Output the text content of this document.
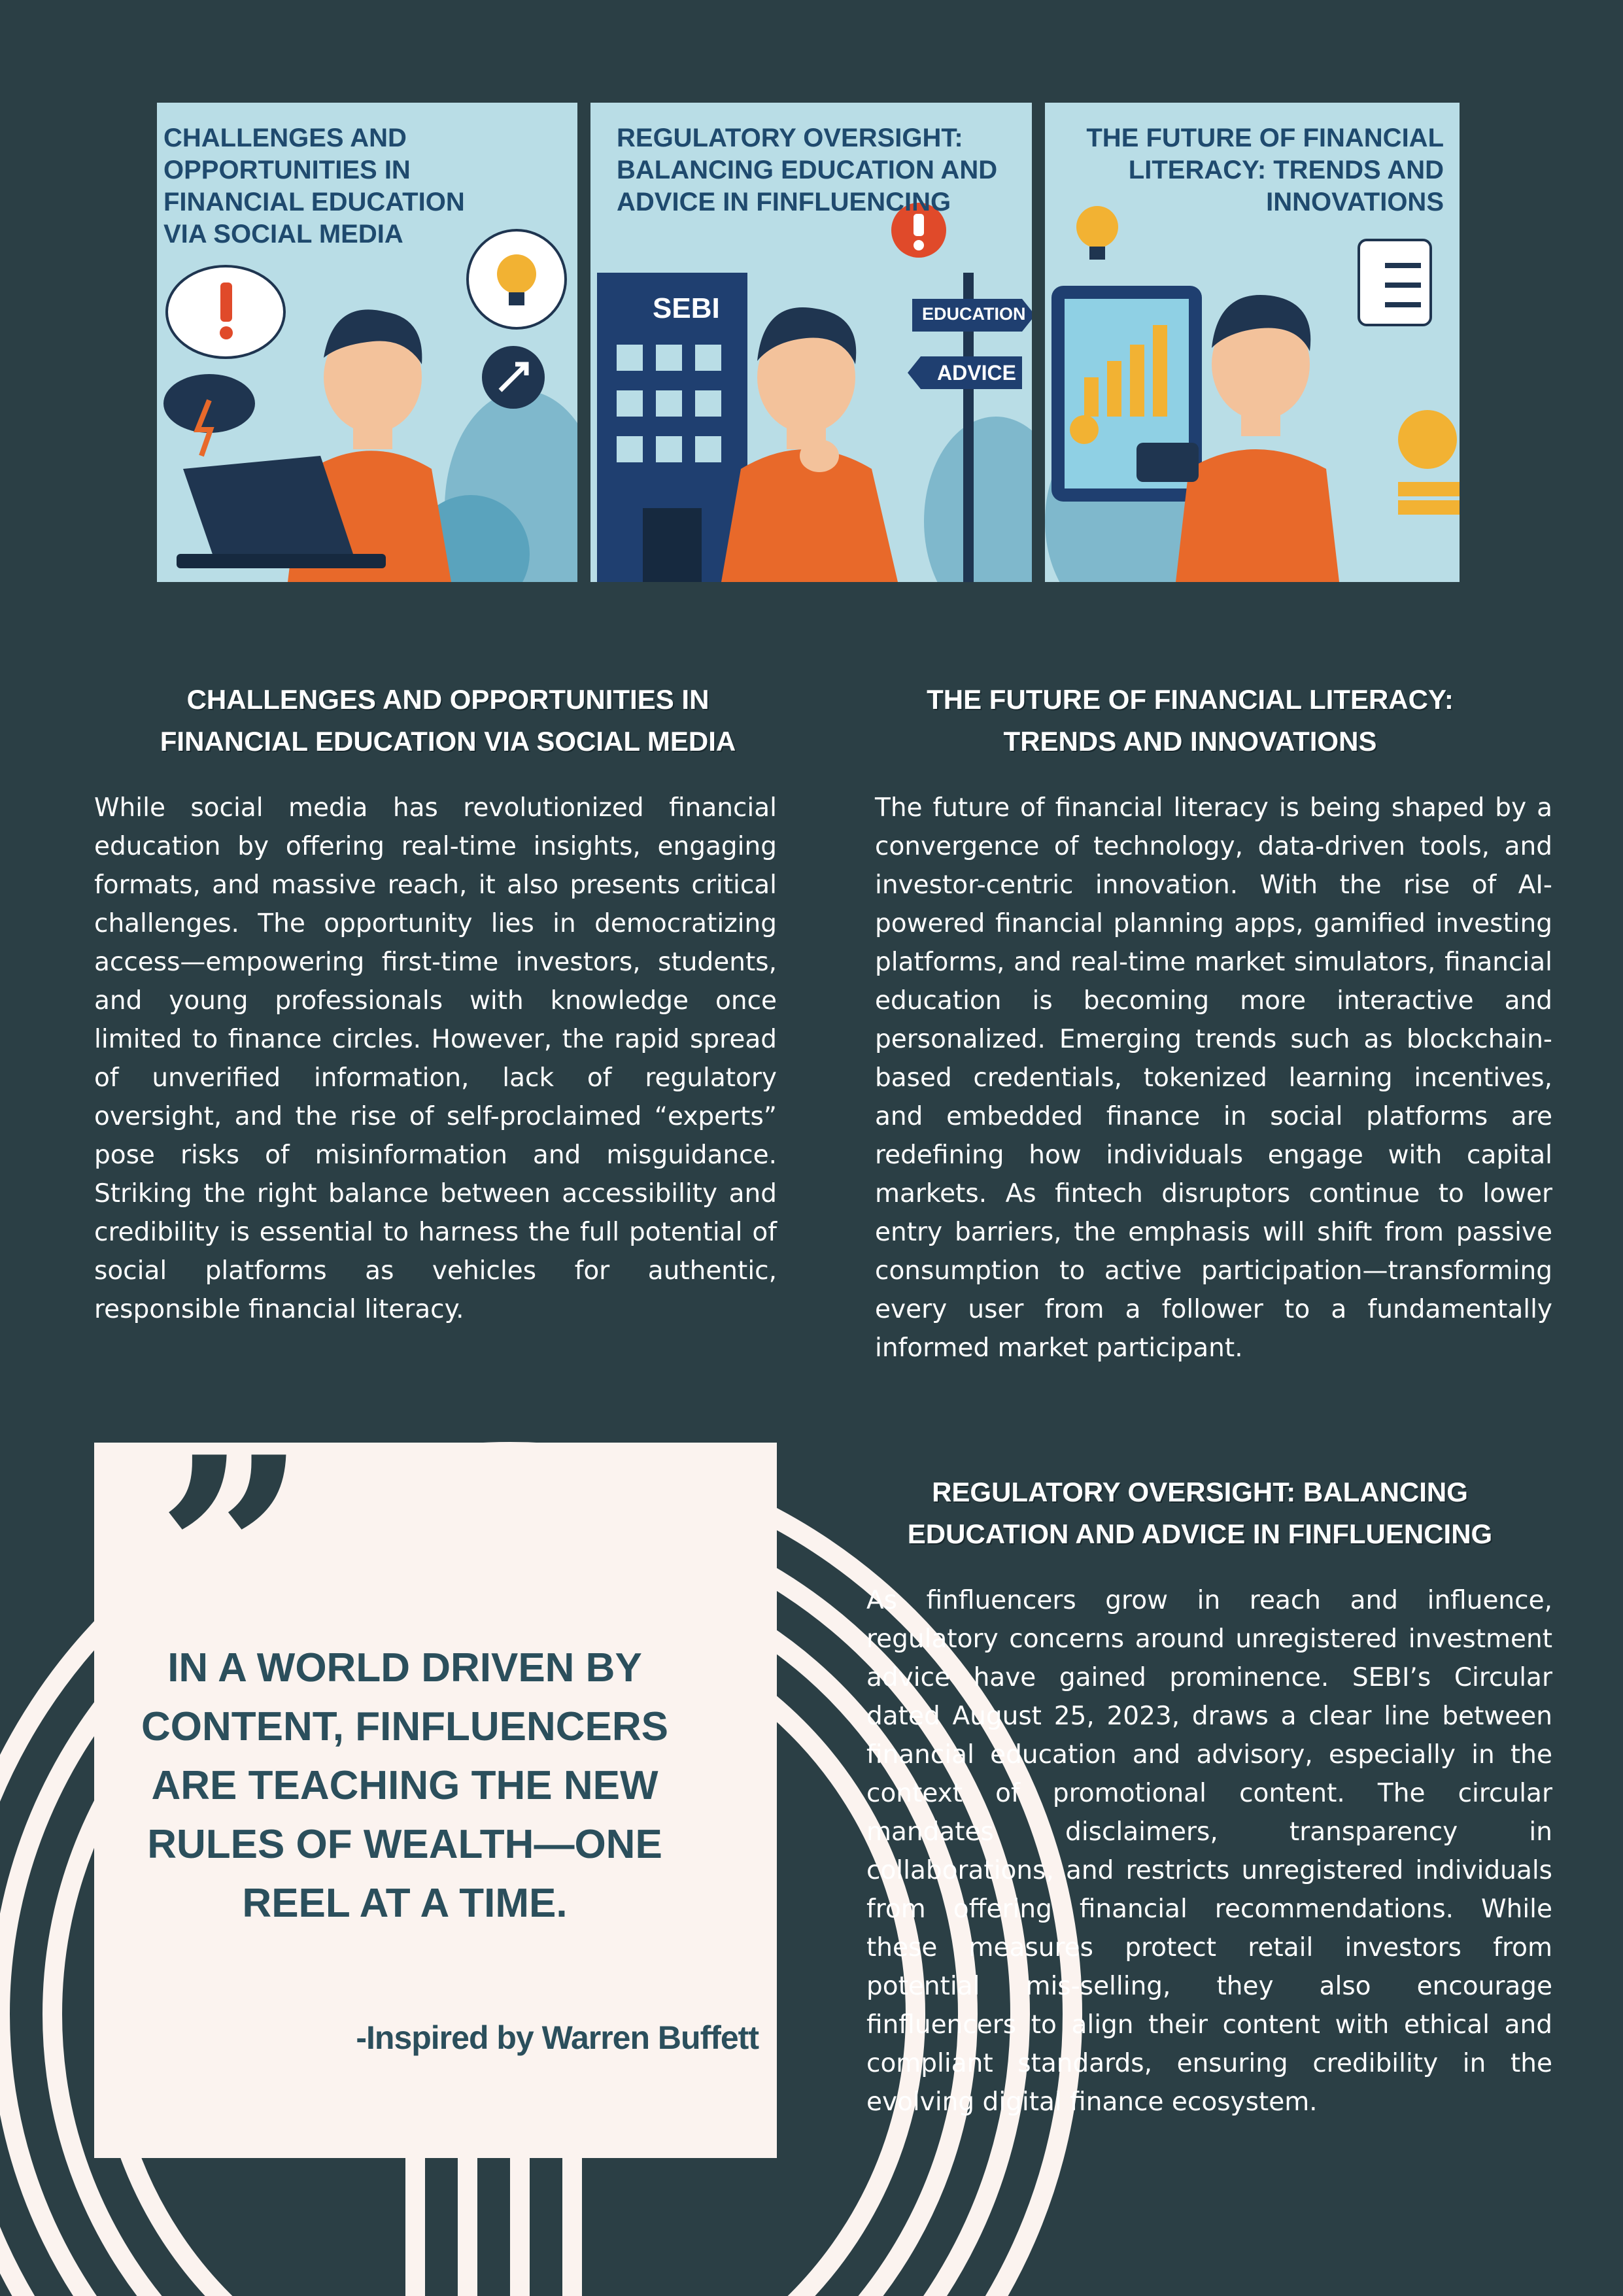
CHALLENGES AND OPPORTUNITIES IN FINANCIAL EDUCATION VIA SOCIAL MEDIA

REGULATORY OVERSIGHT: BALANCING EDUCATION AND ADVICE IN FINFLUENCING

SEBI	EDUCATION
ADVICE

THE FUTURE OF FINANCIAL LITERACY: TRENDS AND INNOVATIONS

CHALLENGES AND OPPORTUNITIES IN FINANCIAL EDUCATION VIA SOCIAL MEDIA

While social media has revolutionized financial education by offering real-time insights, engaging formats, and massive reach, it also presents critical challenges. The opportunity lies in democratizing access—empowering first-time investors, students, and young professionals with knowledge once limited to finance circles. However, the rapid spread of unverified information, lack of regulatory oversight, and the rise of self-proclaimed “experts” pose risks of misinformation and misguidance. Striking the right balance between accessibility and credibility is essential to harness the full potential of social platforms as vehicles for authentic, responsible financial literacy.

THE FUTURE OF FINANCIAL LITERACY: TRENDS AND INNOVATIONS

The future of financial literacy is being shaped by a convergence of technology, data-driven tools, and investor-centric innovation. With the rise of AI-powered financial planning apps, gamified investing platforms, and real-time market simulators, financial education is becoming more interactive and personalized. Emerging trends such as blockchain-based credentials, tokenized learning incentives, and embedded finance in social platforms are redefining how individuals engage with capital markets. As fintech disruptors continue to lower entry barriers, the emphasis will shift from passive consumption to active participation—transforming every user from a follower to a fundamentally informed market participant.

REGULATORY OVERSIGHT: BALANCING EDUCATION AND ADVICE IN FINFLUENCING

As finfluencers grow in reach and influence, regulatory concerns around unregistered investment advice have gained prominence. SEBI’s Circular dated August 25, 2023, draws a clear line between financial education and advisory, especially in the context of promotional content. The circular mandates disclaimers, transparency in collaborations, and restricts unregistered individuals from offering financial recommendations. While these measures protect retail investors from potential mis-selling, they also encourage finfluencers to align their content with ethical and compliant standards, ensuring credibility in the evolving digital finance ecosystem.

”

IN A WORLD DRIVEN BY CONTENT, FINFLUENCERS ARE TEACHING THE NEW RULES OF WEALTH—ONE REEL AT A TIME.

-Inspired by Warren Buffett
